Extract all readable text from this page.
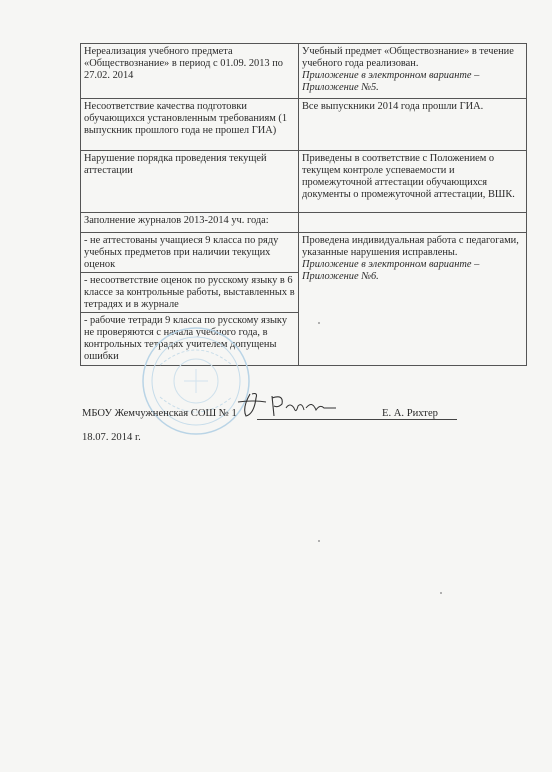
Нереализация учебного предмета «Обществознание» в период с 01.09. 2013 по 27.02. 2014	Учебный предмет «Обществознание» в течение учебного года реализован.
Приложение в электронном варианте – Приложение №5.
Несоответствие качества подготовки обучающихся установленным требованиям (1 выпускник прошлого года не прошел ГИА)	Все выпускники 2014 года прошли ГИА.
Нарушение порядка проведения текущей аттестации	Приведены в соответствие с Положением о текущем контроле успеваемости и промежуточной аттестации обучающихся документы о промежуточной аттестации, ВШК.
Заполнение журналов 2013-2014 уч. года:	
- не аттестованы учащиеся 9 класса по ряду учебных предметов при наличии текущих оценок	Проведена индивидуальная работа с педагогами, указанные нарушения исправлены.
Приложение в электронном варианте – Приложение №6.
- несоответствие оценок по русскому языку в 6 классе за контрольные работы, выставленных в тетрадях и в журнале	
- рабочие тетради 9 класса по русскому языку не проверяются с начала учебного года, в контрольных тетрадях учителем допущены ошибки	
МБОУ Жемчужненская СОШ № 1	Е. А. Рихтер
18.07. 2014 г.
